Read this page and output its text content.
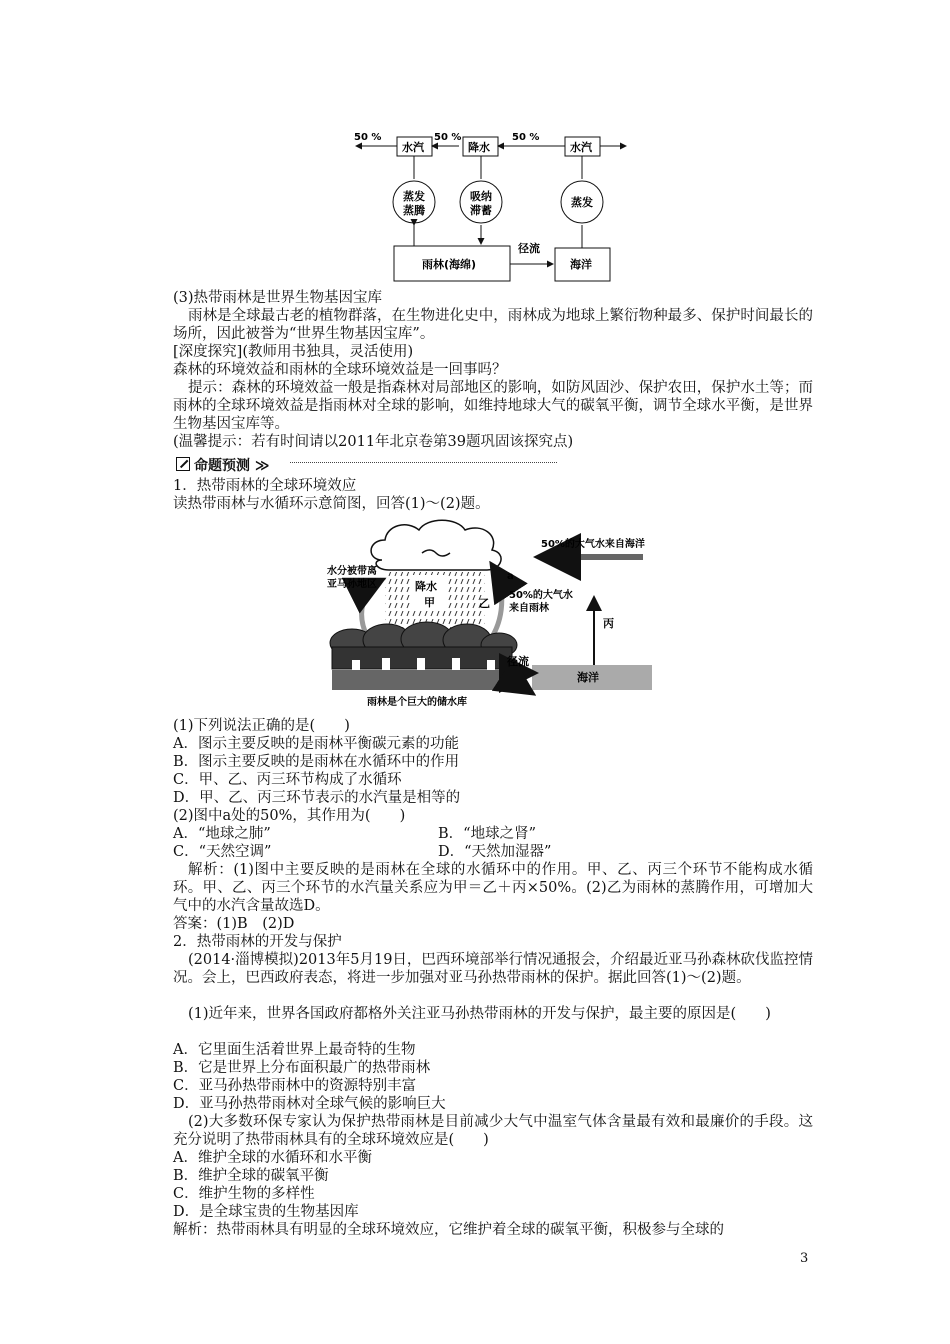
50 %	50 %	50 %
水汽	降水	水汽
蒸发
蒸腾
吸纳
滞蓄
蒸发
径流
雨林(海绵)	海洋
(3)热带雨林是世界生物基因宝库
雨林是全球最古老的植物群落，在生物进化史中，雨林成为地球上繁衍物种最多、保护时间最长的场所，因此被誉为“世界生物基因宝库”。
[深度探究](教师用书独具，灵活使用)
森林的环境效益和雨林的全球环境效益是一回事吗？
提示：森林的环境效益一般是指森林对局部地区的影响，如防风固沙、保护农田，保护水土等；而雨林的全球环境效益是指雨林对全球的影响，如维持地球大气的碳氧平衡，调节全球水平衡，是世界生物基因宝库等。
(温馨提示：若有时间请以2011年北京卷第39题巩固该探究点)
命题预测 ≫
1．热带雨林的全球环境效应
读热带雨林与水循环示意简图，回答(1)～(2)题。
降水
甲
水分被带离
亚马孙地区
50%的大气水来自海洋
乙
a
50%的大气水
来自雨林
丙
海洋
径流
雨林是个巨大的储水库
(1)下列说法正确的是(　　)
A．图示主要反映的是雨林平衡碳元素的功能
B．图示主要反映的是雨林在水循环中的作用
C．甲、乙、丙三环节构成了水循环
D．甲、乙、丙三环节表示的水汽量是相等的
(2)图中a处的50%，其作用为(　　)
A．“地球之肺”	B．“地球之肾”
C．“天然空调”	D．“天然加湿器”
解析：(1)图中主要反映的是雨林在全球的水循环中的作用。甲、乙、丙三个环节不能构成水循环。甲、乙、丙三个环节的水汽量关系应为甲＝乙＋丙×50%。(2)乙为雨林的蒸腾作用，可增加大气中的水汽含量故选D。
答案：(1)B　(2)D
2．热带雨林的开发与保护
(2014·淄博模拟)2013年5月19日，巴西环境部举行情况通报会，介绍最近亚马孙森林砍伐监控情况。会上，巴西政府表态，将进一步加强对亚马孙热带雨林的保护。据此回答(1)～(2)题。
(1)近年来，世界各国政府都格外关注亚马孙热带雨林的开发与保护，最主要的原因是(　　)
A．它里面生活着世界上最奇特的生物
B．它是世界上分布面积最广的热带雨林
C．亚马孙热带雨林中的资源特别丰富
D．亚马孙热带雨林对全球气候的影响巨大
(2)大多数环保专家认为保护热带雨林是目前减少大气中温室气体含量最有效和最廉价的手段。这充分说明了热带雨林具有的全球环境效应是(　　)
A．维护全球的水循环和水平衡
B．维护全球的碳氧平衡
C．维护生物的多样性
D．是全球宝贵的生物基因库
解析：热带雨林具有明显的全球环境效应，它维护着全球的碳氧平衡，积极参与全球的
3
